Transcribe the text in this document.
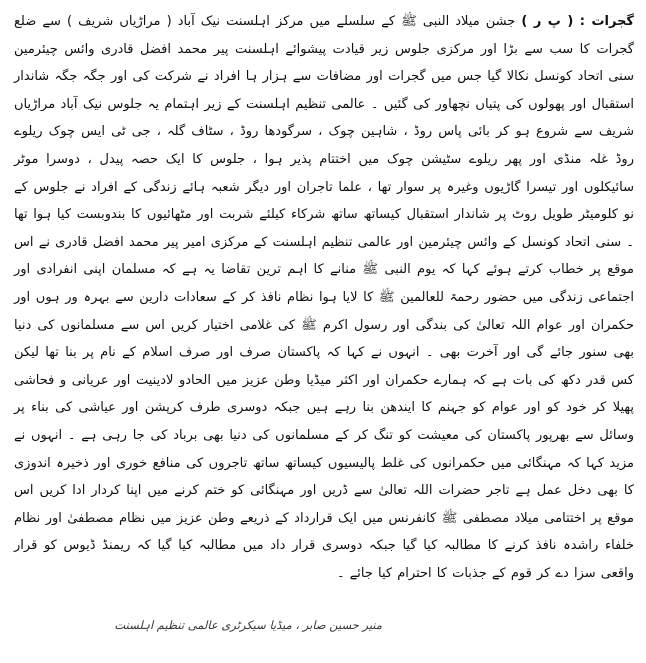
گجرات : ( پ ر ) جشن میلاد النبی ﷺ کے سلسلے میں مرکز اہلسنت نیک آباد ( مراڑیاں شریف ) سے ضلع گجرات کا سب سے بڑا اور مرکزی جلوس زیر قیادت پیشوائے اہلسنت پیر محمد افضل قادری وائس چیئرمین سنی اتحاد کونسل نکالا گیا جس میں گجرات اور مضافات سے ہزار ہا افراد نے شرکت کی اور جگہ جگہ شاندار استقبال اور پھولوں کی پتیاں نچھاور کی گئیں ۔ عالمی تنظیم اہلسنت کے زیر اہتمام یہ جلوس نیک آباد مراڑیاں شریف سے شروع ہو کر بائی پاس روڈ ، شاہین چوک ، سرگودھا روڈ ، سٹاف گلہ ، جی ٹی ایس چوک ریلوے روڈ غلہ منڈی اور پھر ریلوے سٹیشن چوک میں اختتام پذیر ہوا ، جلوس کا ایک حصہ پیدل ، دوسرا موٹر سائیکلوں اور تیسرا گاڑیوں وغیرہ پر سوار تھا ، علما تاجران اور دیگر شعبہ ہائے زندگی کے افراد نے جلوس کے نو کلومیٹر طویل روٹ پر شاندار استقبال کیساتھ ساتھ شرکاء کیلئے شربت اور مٹھائیوں کا بندوبست کیا ہوا تھا ۔ سنی اتحاد کونسل کے وائس چیئرمین اور عالمی تنظیم اہلسنت کے مرکزی امیر پیر محمد افضل قادری نے اس موقع پر خطاب کرتے ہوئے کہا کہ یوم النبی ﷺ منانے کا اہم ترین تقاضا یہ ہے کہ مسلمان اپنی انفرادی اور اجتماعی زندگی میں حضور رحمۃ للعالمین ﷺ کا لایا ہوا نظام نافذ کر کے سعادات دارین سے بہرہ ور ہوں اور حکمران اور عوام اللہ تعالیٰ کی بندگی اور رسول اکرم ﷺ کی غلامی اختیار کریں اس سے مسلمانوں کی دنیا بھی سنور جائے گی اور آخرت بھی ۔ انہوں نے کہا کہ پاکستان صرف اور صرف اسلام کے نام پر بنا تھا لیکن کس قدر دکھ کی بات ہے کہ ہمارے حکمران اور اکثر میڈیا وطن عزیز میں الحادو لادینیت اور عریانی و فحاشی پھیلا کر خود کو اور عوام کو جہنم کا ایندھن بنا رہے ہیں جبکہ دوسری طرف کرپشن اور عیاشی کی بناء پر وسائل سے بھرپور پاکستان کی معیشت کو تنگ کر کے مسلمانوں کی دنیا بھی برباد کی جا رہی ہے ۔ انہوں نے مزید کہا کہ مہنگائی میں حکمرانوں کی غلط پالیسیوں کیساتھ ساتھ تاجروں کی منافع خوری اور ذخیرہ اندوزی کا بھی دخل عمل ہے تاجر حضرات اللہ تعالیٰ سے ڈریں اور مہنگائی کو ختم کرنے میں اپنا کردار ادا کریں اس موقع پر اختتامی میلاد مصطفی ﷺ کانفرنس میں ایک قرارداد کے ذریعے وطن عزیز میں نظام مصطفیٰ اور نظام خلفاء راشدہ نافذ کرنے کا مطالبہ کیا گیا جبکہ دوسری قرار داد میں مطالبہ کیا گیا کہ ریمنڈ ڈیوس کو قرار واقعی سزا دے کر قوم کے جذبات کا احترام کیا جائے ۔

منیر حسین صابر ، میڈیا سیکرٹری عالمی تنظیم اہلسنت
